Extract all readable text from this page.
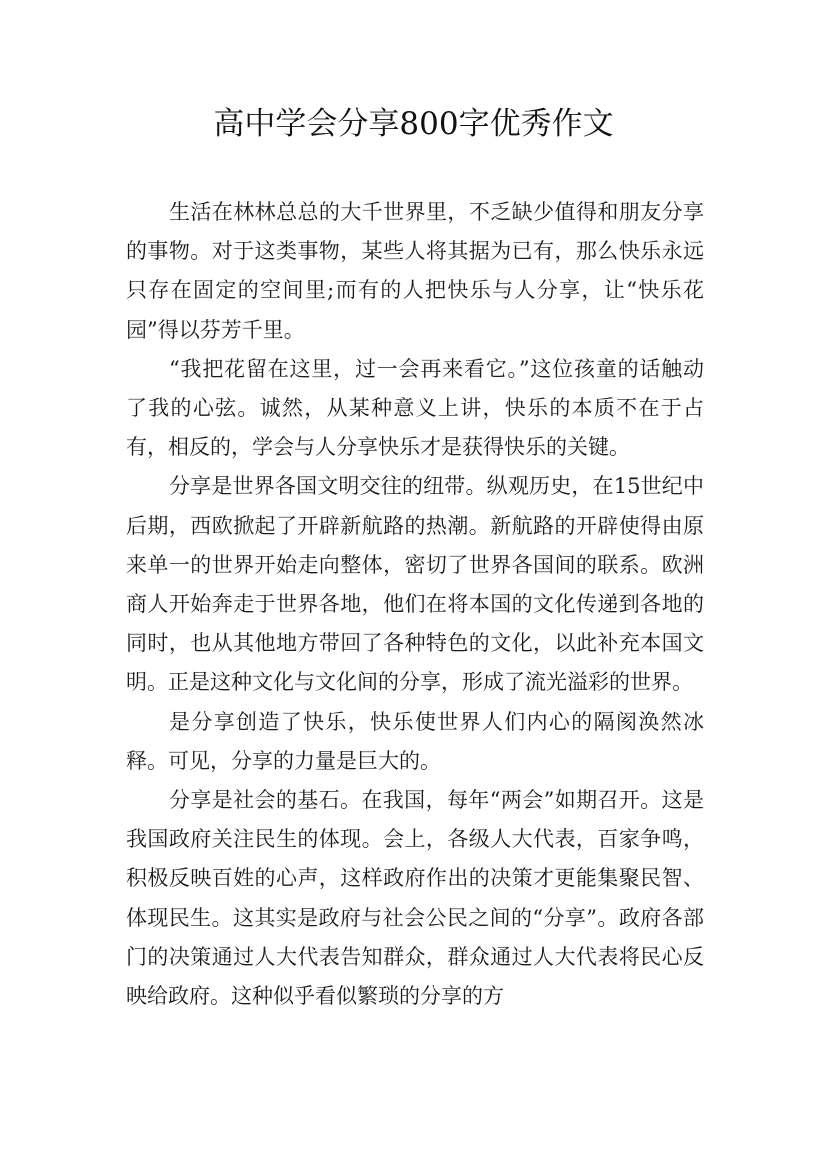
高中学会分享800字优秀作文

生活在林林总总的大千世界里，不乏缺少值得和朋友分享的事物。对于这类事物，某些人将其据为已有，那么快乐永远只存在固定的空间里;而有的人把快乐与人分享，让“快乐花园”得以芬芳千里。

“我把花留在这里，过一会再来看它。”这位孩童的话触动了我的心弦。诚然，从某种意义上讲，快乐的本质不在于占有，相反的，学会与人分享快乐才是获得快乐的关键。

分享是世界各国文明交往的纽带。纵观历史，在15世纪中后期，西欧掀起了开辟新航路的热潮。新航路的开辟使得由原来单一的世界开始走向整体，密切了世界各国间的联系。欧洲商人开始奔走于世界各地，他们在将本国的文化传递到各地的同时，也从其他地方带回了各种特色的文化，以此补充本国文明。正是这种文化与文化间的分享，形成了流光溢彩的世界。

是分享创造了快乐，快乐使世界人们内心的隔阂涣然冰释。可见，分享的力量是巨大的。

分享是社会的基石。在我国，每年“两会”如期召开。这是我国政府关注民生的体现。会上，各级人大代表，百家争鸣，积极反映百姓的心声，这样政府作出的决策才更能集聚民智、体现民生。这其实是政府与社会公民之间的“分享”。政府各部门的决策通过人大代表告知群众，群众通过人大代表将民心反映给政府。这种似乎看似繁琐的分享的方
